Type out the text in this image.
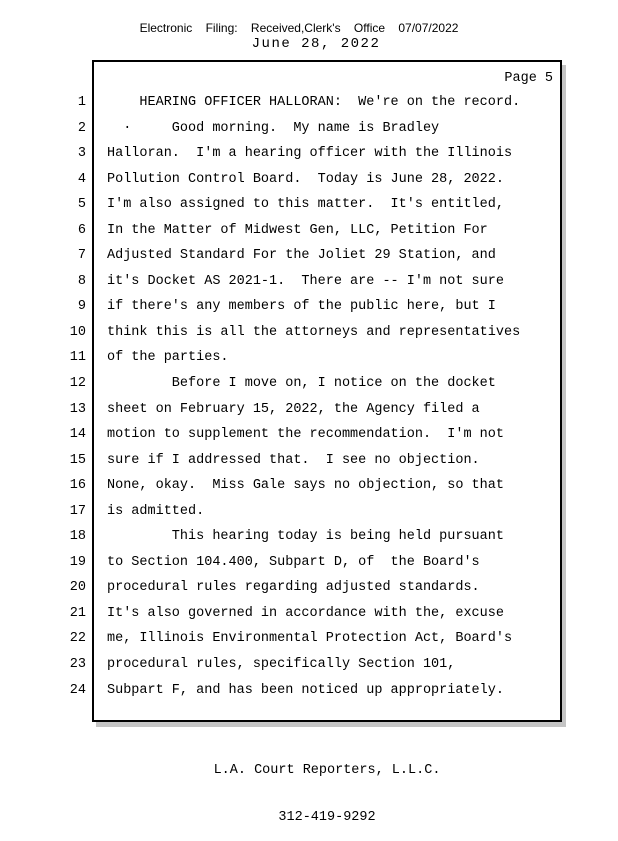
Electronic Filing: Received,Clerk's Office 07/07/2022
June 28, 2022
Page 5
1 HEARING OFFICER HALLORAN:  We're on the record.
2 ·     Good morning.  My name is Bradley
3 Halloran.  I'm a hearing officer with the Illinois
4 Pollution Control Board.  Today is June 28, 2022.
5 I'm also assigned to this matter.  It's entitled,
6 In the Matter of Midwest Gen, LLC, Petition For
7 Adjusted Standard For the Joliet 29 Station, and
8 it's Docket AS 2021-1.  There are -- I'm not sure
9 if there's any members of the public here, but I
10 think this is all the attorneys and representatives
11 of the parties.
12 Before I move on, I notice on the docket
13 sheet on February 15, 2022, the Agency filed a
14 motion to supplement the recommendation.  I'm not
15 sure if I addressed that.  I see no objection.
16 None, okay.  Miss Gale says no objection, so that
17 is admitted.
18 This hearing today is being held pursuant
19 to Section 104.400, Subpart D, of  the Board's
20 procedural rules regarding adjusted standards.
21 It's also governed in accordance with the, excuse
22 me, Illinois Environmental Protection Act, Board's
23 procedural rules, specifically Section 101,
24 Subpart F, and has been noticed up appropriately.

L.A. Court Reporters, L.L.C.

312-419-9292
